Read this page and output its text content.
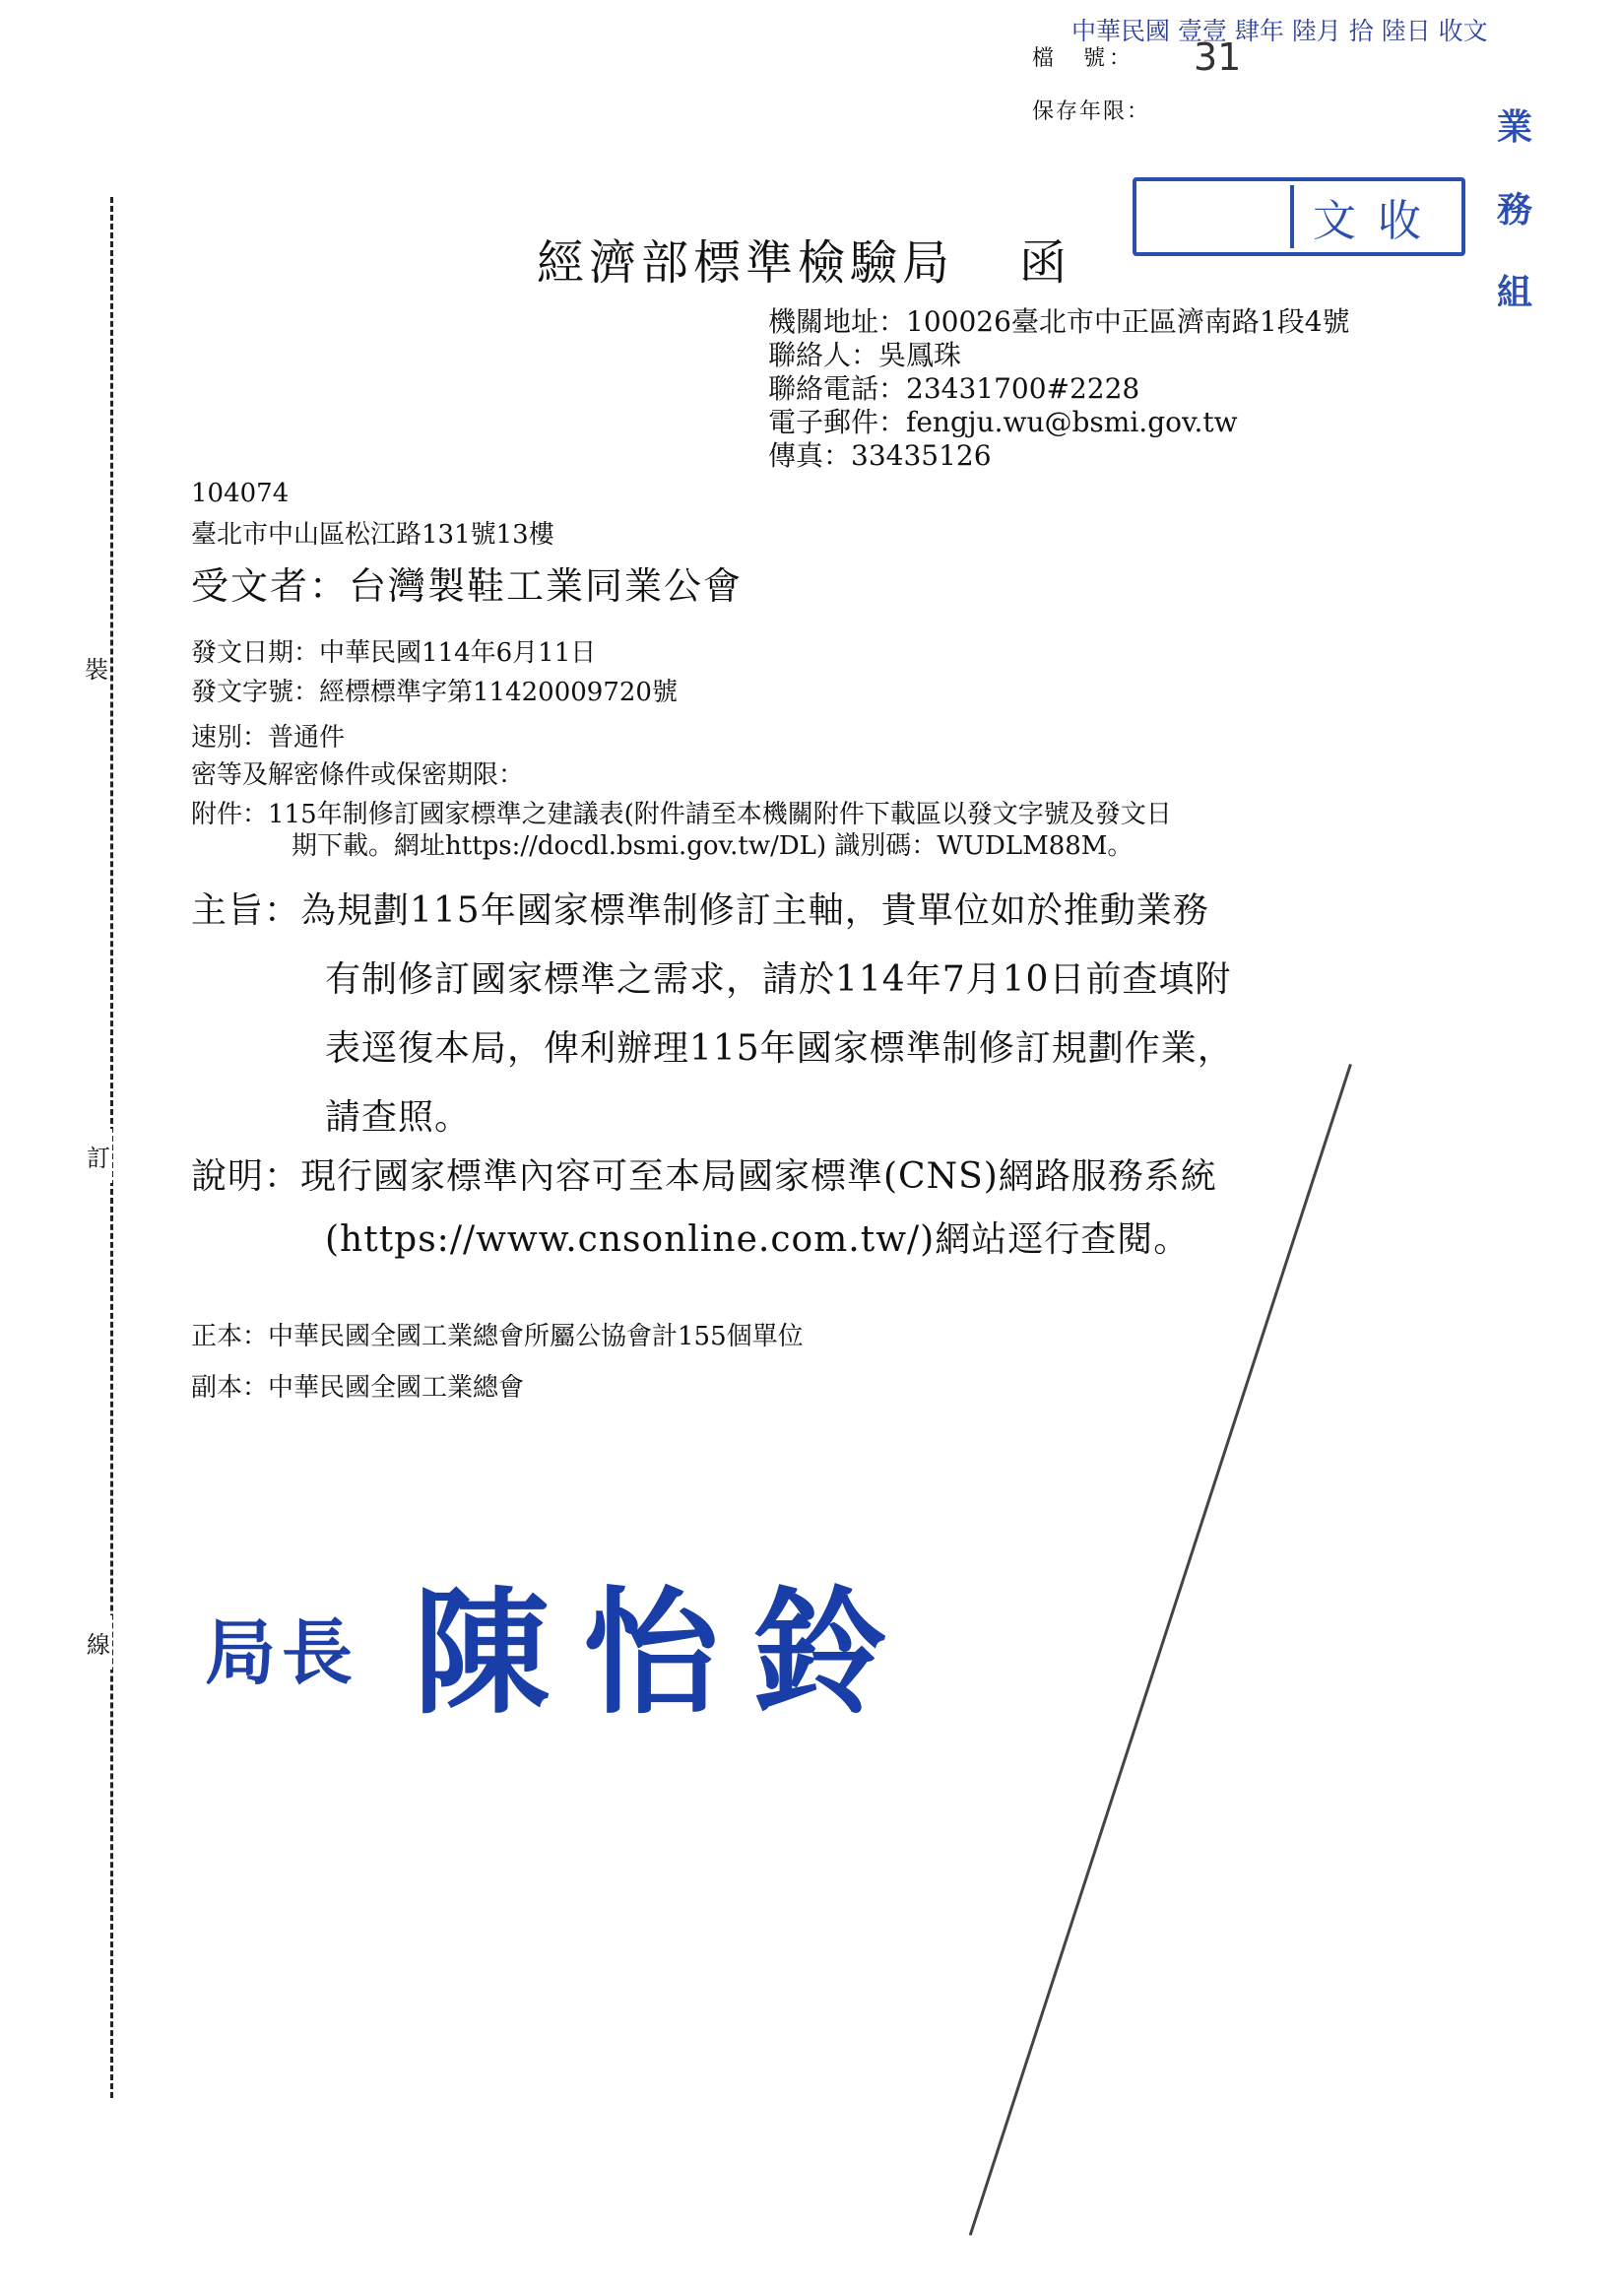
中華民國 壹壹 肆年 陸月 拾 陸日 收文
檔　號： 31
保存年限：
文收
業務組
裝
訂
線
經濟部標準檢驗局 函
機關地址：100026臺北市中正區濟南路1段4號
聯絡人：吳鳳珠
聯絡電話：23431700#2228
電子郵件：fengju.wu@bsmi.gov.tw
傳真：33435126
104074
臺北市中山區松江路131號13樓
受文者：台灣製鞋工業同業公會
發文日期：中華民國114年6月11日
發文字號：經標標準字第11420009720號
速別：普通件
密等及解密條件或保密期限：
附件：115年制修訂國家標準之建議表(附件請至本機關附件下載區以發文字號及發文日
期下載。網址https://docdl.bsmi.gov.tw/DL) 識別碼：WUDLM88M。
主旨：為規劃115年國家標準制修訂主軸，貴單位如於推動業務
有制修訂國家標準之需求，請於114年7月10日前查填附
表逕復本局，俾利辦理115年國家標準制修訂規劃作業，
請查照。
說明：現行國家標準內容可至本局國家標準(CNS)網路服務系統
(https://www.cnsonline.com.tw/)網站逕行查閱。
正本：中華民國全國工業總會所屬公協會計155個單位
副本：中華民國全國工業總會
局長 陳怡鈴
